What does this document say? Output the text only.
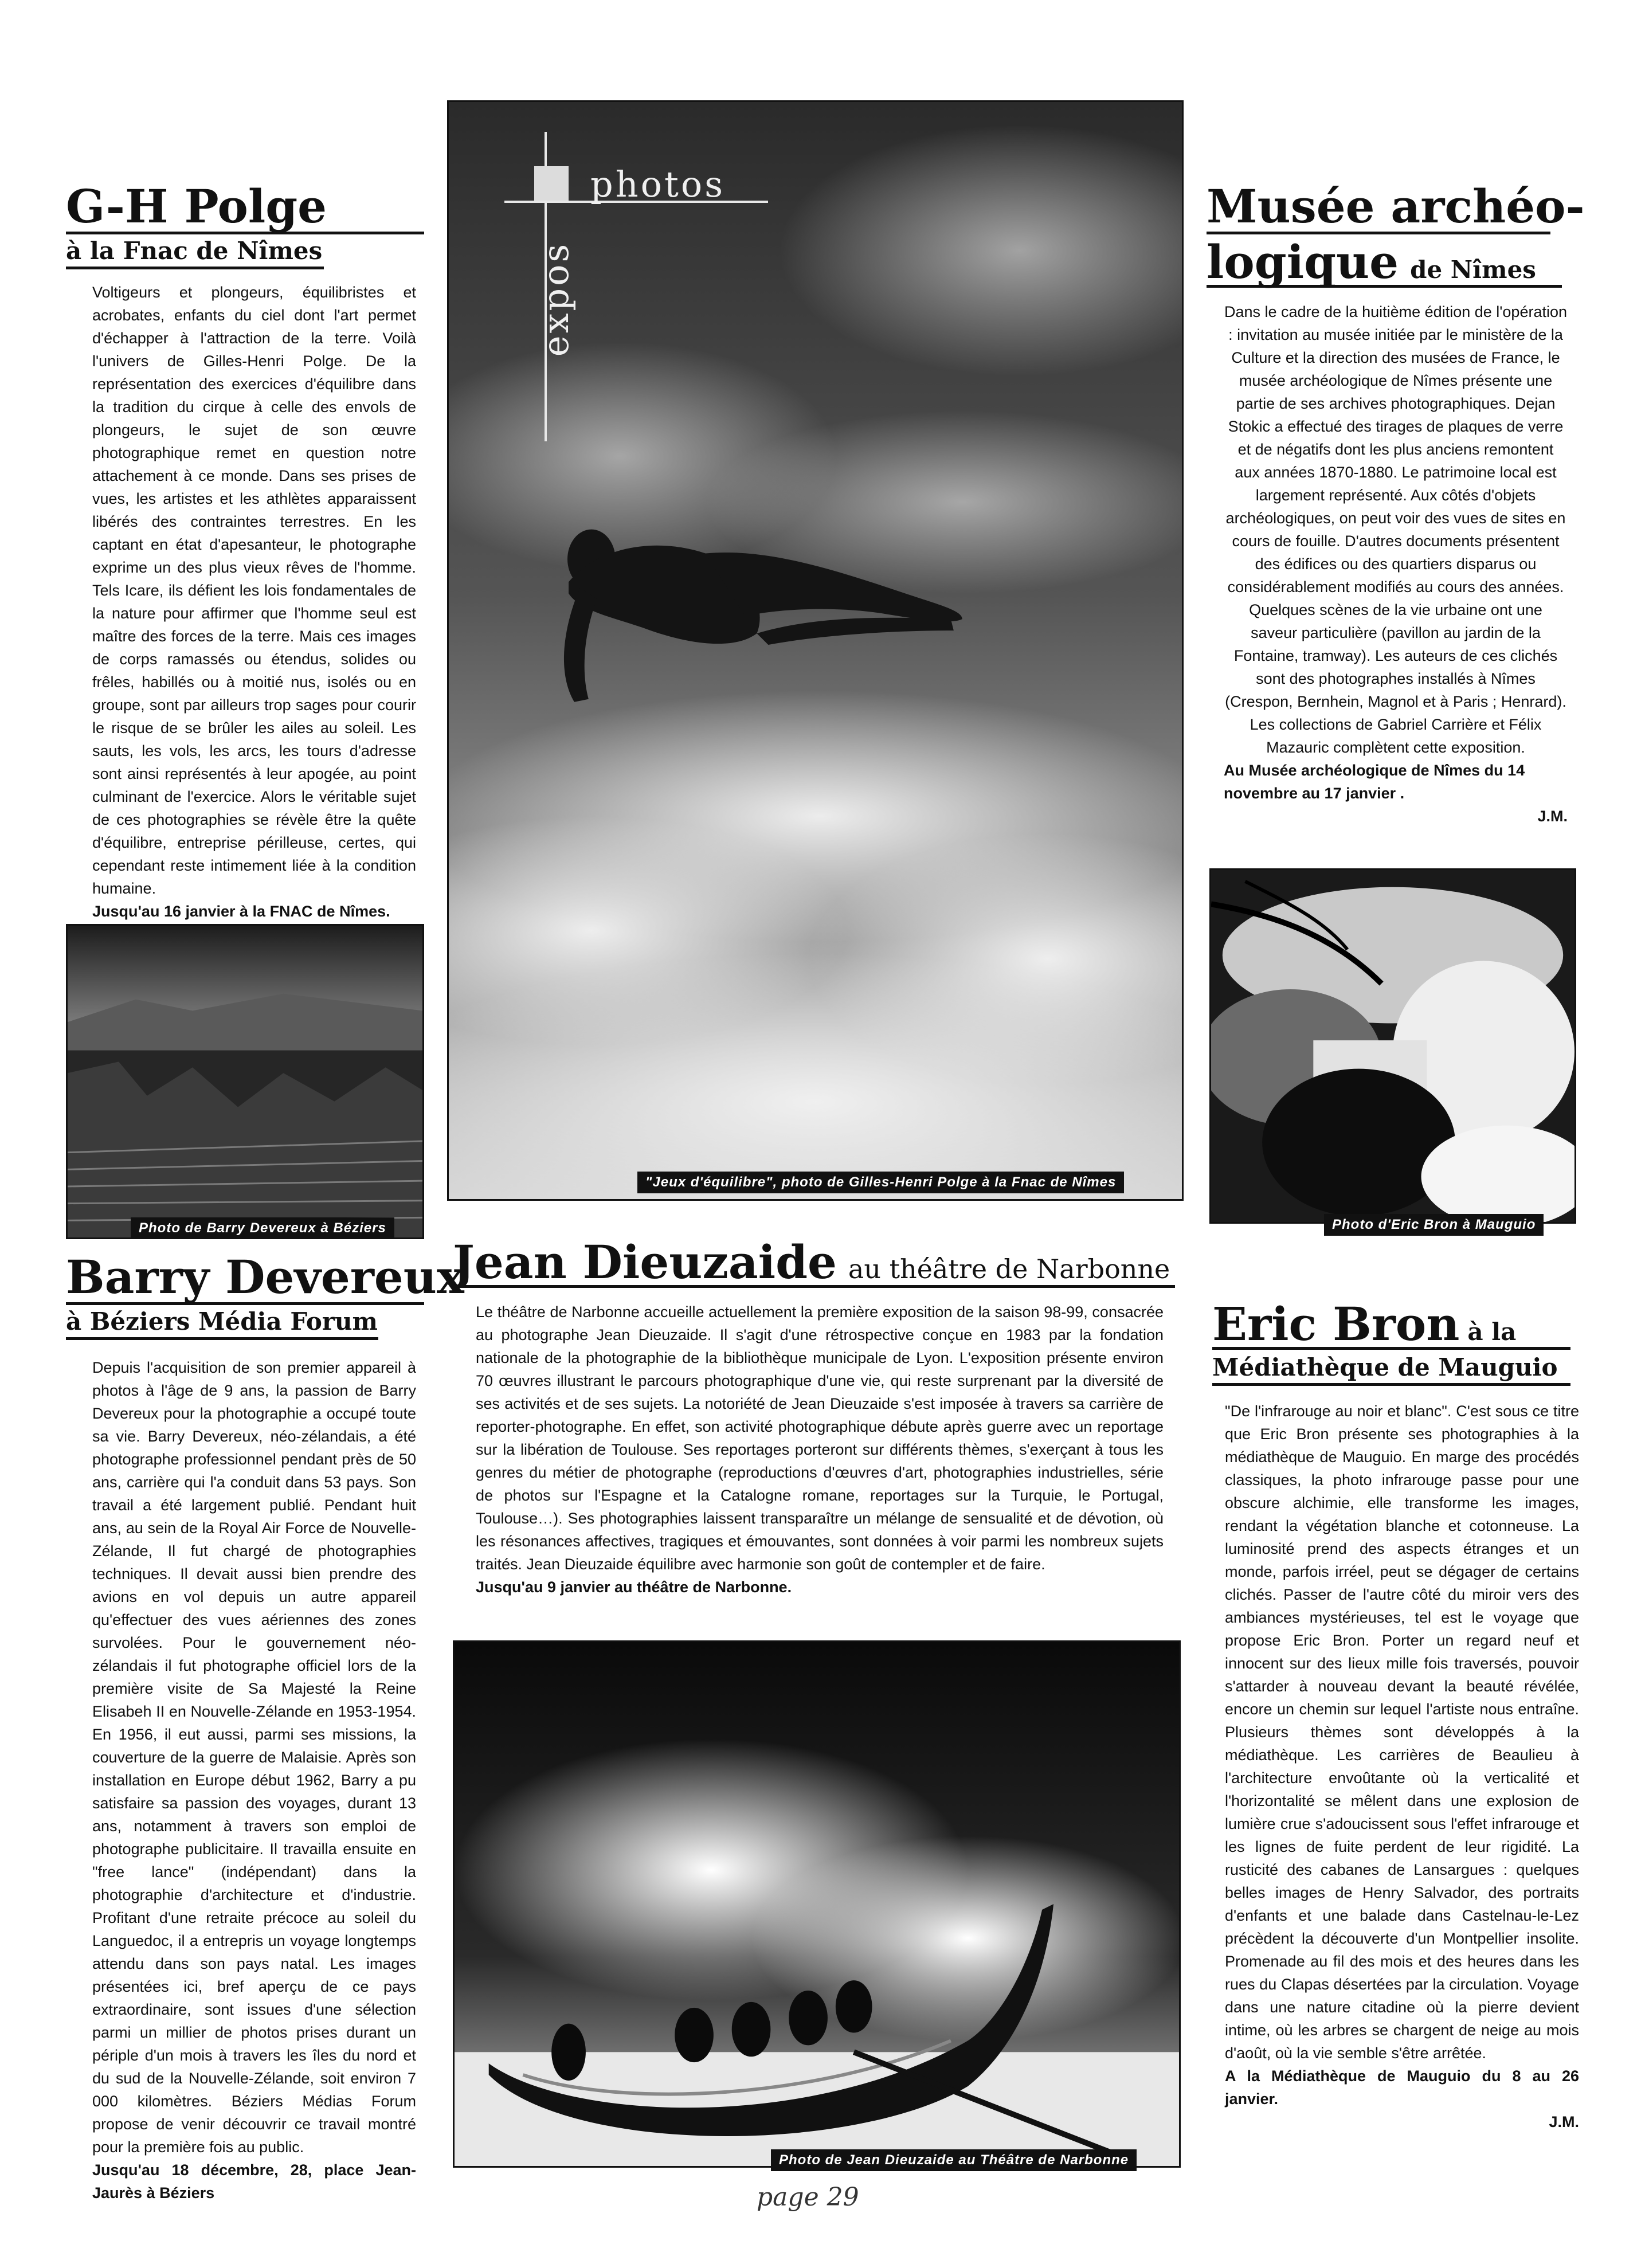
photos
expos
"Jeux d'équilibre", photo de Gilles-Henri Polge à la Fnac de Nîmes
G-H Polge
à la Fnac de Nîmes

Voltigeurs et plongeurs, équilibristes et acrobates, enfants du ciel dont l'art permet d'échapper à l'attraction de la terre. Voilà l'univers de Gilles-Henri Polge. De la représentation des exercices d'équilibre dans la tradition du cirque à celle des envols de plongeurs, le sujet de son œuvre photographique remet en question notre attachement à ce monde. Dans ses prises de vues, les artistes et les athlètes apparaissent libérés des contraintes terrestres. En les captant en état d'apesanteur, le photographe exprime un des plus vieux rêves de l'homme. Tels Icare, ils défient les lois fondamentales de la nature pour affirmer que l'homme seul est maître des forces de la terre. Mais ces images de corps ramassés ou étendus, solides ou frêles, habillés ou à moitié nus, isolés ou en groupe, sont par ailleurs trop sages pour courir le risque de se brûler les ailes au soleil. Les sauts, les vols, les arcs, les tours d'adresse sont ainsi représentés à leur apogée, au point culminant de l'exercice. Alors le véritable sujet de ces photographies se révèle être la quête d'équilibre, entreprise périlleuse, certes, qui cependant reste intimement liée à la condition humaine.

Jusqu'au 16 janvier à la FNAC de Nîmes.

Photo de Barry Devereux à Béziers
Barry Devereux
à Béziers Média Forum

Depuis l'acquisition de son premier appareil à photos à l'âge de 9 ans, la passion de Barry Devereux pour la photographie a occupé toute sa vie. Barry Devereux, néo-zélandais, a été photographe professionnel pendant près de 50 ans, carrière qui l'a conduit dans 53 pays. Son travail a été largement publié. Pendant huit ans, au sein de la Royal Air Force de Nouvelle-Zélande, Il fut chargé de photographies techniques. Il devait aussi bien prendre des avions en vol depuis un autre appareil qu'effectuer des vues aériennes des zones survolées. Pour le gouvernement néo-zélandais il fut photographe officiel lors de la première visite de Sa Majesté la Reine Elisabeh II en Nouvelle-Zélande en 1953-1954. En 1956, il eut aussi, parmi ses missions, la couverture de la guerre de Malaisie. Après son installation en Europe début 1962, Barry a pu satisfaire sa passion des voyages, durant 13 ans, notamment à travers son emploi de photographe publicitaire. Il travailla ensuite en "free lance" (indépendant) dans la photographie d'architecture et d'industrie. Profitant d'une retraite précoce au soleil du Languedoc, il a entrepris un voyage longtemps attendu dans son pays natal. Les images présentées ici, bref aperçu de ce pays extraordinaire, sont issues d'une sélection parmi un millier de photos prises durant un périple d'un mois à travers les îles du nord et du sud de la Nouvelle-Zélande, soit environ 7 000 kilomètres. Béziers Médias Forum propose de venir découvrir ce travail montré pour la première fois au public.

Jusqu'au 18 décembre, 28, place Jean-Jaurès à Béziers

Musée archéo-
logique de Nîmes

Dans le cadre de la huitième édition de l'opération : invitation au musée initiée par le ministère de la Culture et la direction des musées de France, le musée archéologique de Nîmes présente une partie de ses archives photographiques. Dejan Stokic a effectué des tirages de plaques de verre et de négatifs dont les plus anciens remontent aux années 1870-1880. Le patrimoine local est largement représenté. Aux côtés d'objets archéologiques, on peut voir des vues de sites en cours de fouille. D'autres documents présentent des édifices ou des quartiers disparus ou considérablement modifiés au cours des années. Quelques scènes de la vie urbaine ont une saveur particulière (pavillon au jardin de la Fontaine, tramway). Les auteurs de ces clichés sont des photographes installés à Nîmes (Crespon, Bernhein, Magnol et à Paris ; Henrard). Les collections de Gabriel Carrière et Félix Mazauric complètent cette exposition.

Au Musée archéologique de Nîmes du 14 novembre au 17 janvier .

J.M.
Photo d'Eric Bron à Mauguio
Eric Bron à la
Médiathèque de Mauguio

"De l'infrarouge au noir et blanc". C'est sous ce titre que Eric Bron présente ses photographies à la médiathèque de Mauguio. En marge des procédés classiques, la photo infrarouge passe pour une obscure alchimie, elle transforme les images, rendant la végétation blanche et cotonneuse. La luminosité prend des aspects étranges et un monde, parfois irréel, peut se dégager de certains clichés. Passer de l'autre côté du miroir vers des ambiances mystérieuses, tel est le voyage que propose Eric Bron. Porter un regard neuf et innocent sur des lieux mille fois traversés, pouvoir s'attarder à nouveau devant la beauté révélée, encore un chemin sur lequel l'artiste nous entraîne. Plusieurs thèmes sont développés à la médiathèque. Les carrières de Beaulieu à l'architecture envoûtante où la verticalité et l'horizontalité se mêlent dans une explosion de lumière crue s'adoucissent sous l'effet infrarouge et les lignes de fuite perdent de leur rigidité. La rusticité des cabanes de Lansargues : quelques belles images de Henry Salvador, des portraits d'enfants et une balade dans Castelnau-le-Lez précèdent la découverte d'un Montpellier insolite. Promenade au fil des mois et des heures dans les rues du Clapas désertées par la circulation. Voyage dans une nature citadine où la pierre devient intime, où les arbres se chargent de neige au mois d'août, où la vie semble s'être arrêtée.

A la Médiathèque de Mauguio du 8 au 26 janvier.

J.M.
Jean Dieuzaide au théâtre de Narbonne

Le théâtre de Narbonne accueille actuellement la première exposition de la saison 98-99, consacrée au photographe Jean Dieuzaide. Il s'agit d'une rétrospective conçue en 1983 par la fondation nationale de la photographie de la bibliothèque municipale de Lyon. L'exposition présente environ 70 œuvres illustrant le parcours photographique d'une vie, qui reste surprenant par la diversité de ses activités et de ses sujets. La notoriété de Jean Dieuzaide s'est imposée à travers sa carrière de reporter-photographe. En effet, son activité photographique débute après guerre avec un reportage sur la libération de Toulouse. Ses reportages porteront sur différents thèmes, s'exerçant à tous les genres du métier de photographe (reproductions d'œuvres d'art, photographies industrielles, série de photos sur l'Espagne et la Catalogne romane, reportages sur la Turquie, le Portugal, Toulouse…). Ses photographies laissent transparaître un mélange de sensualité et de dévotion, où les résonances affectives, tragiques et émouvantes, sont données à voir parmi les nombreux sujets traités. Jean Dieuzaide équilibre avec harmonie son goût de contempler et de faire.

Jusqu'au 9 janvier au théâtre de Narbonne.

Photo de Jean Dieuzaide au Théâtre de Narbonne
page 29
